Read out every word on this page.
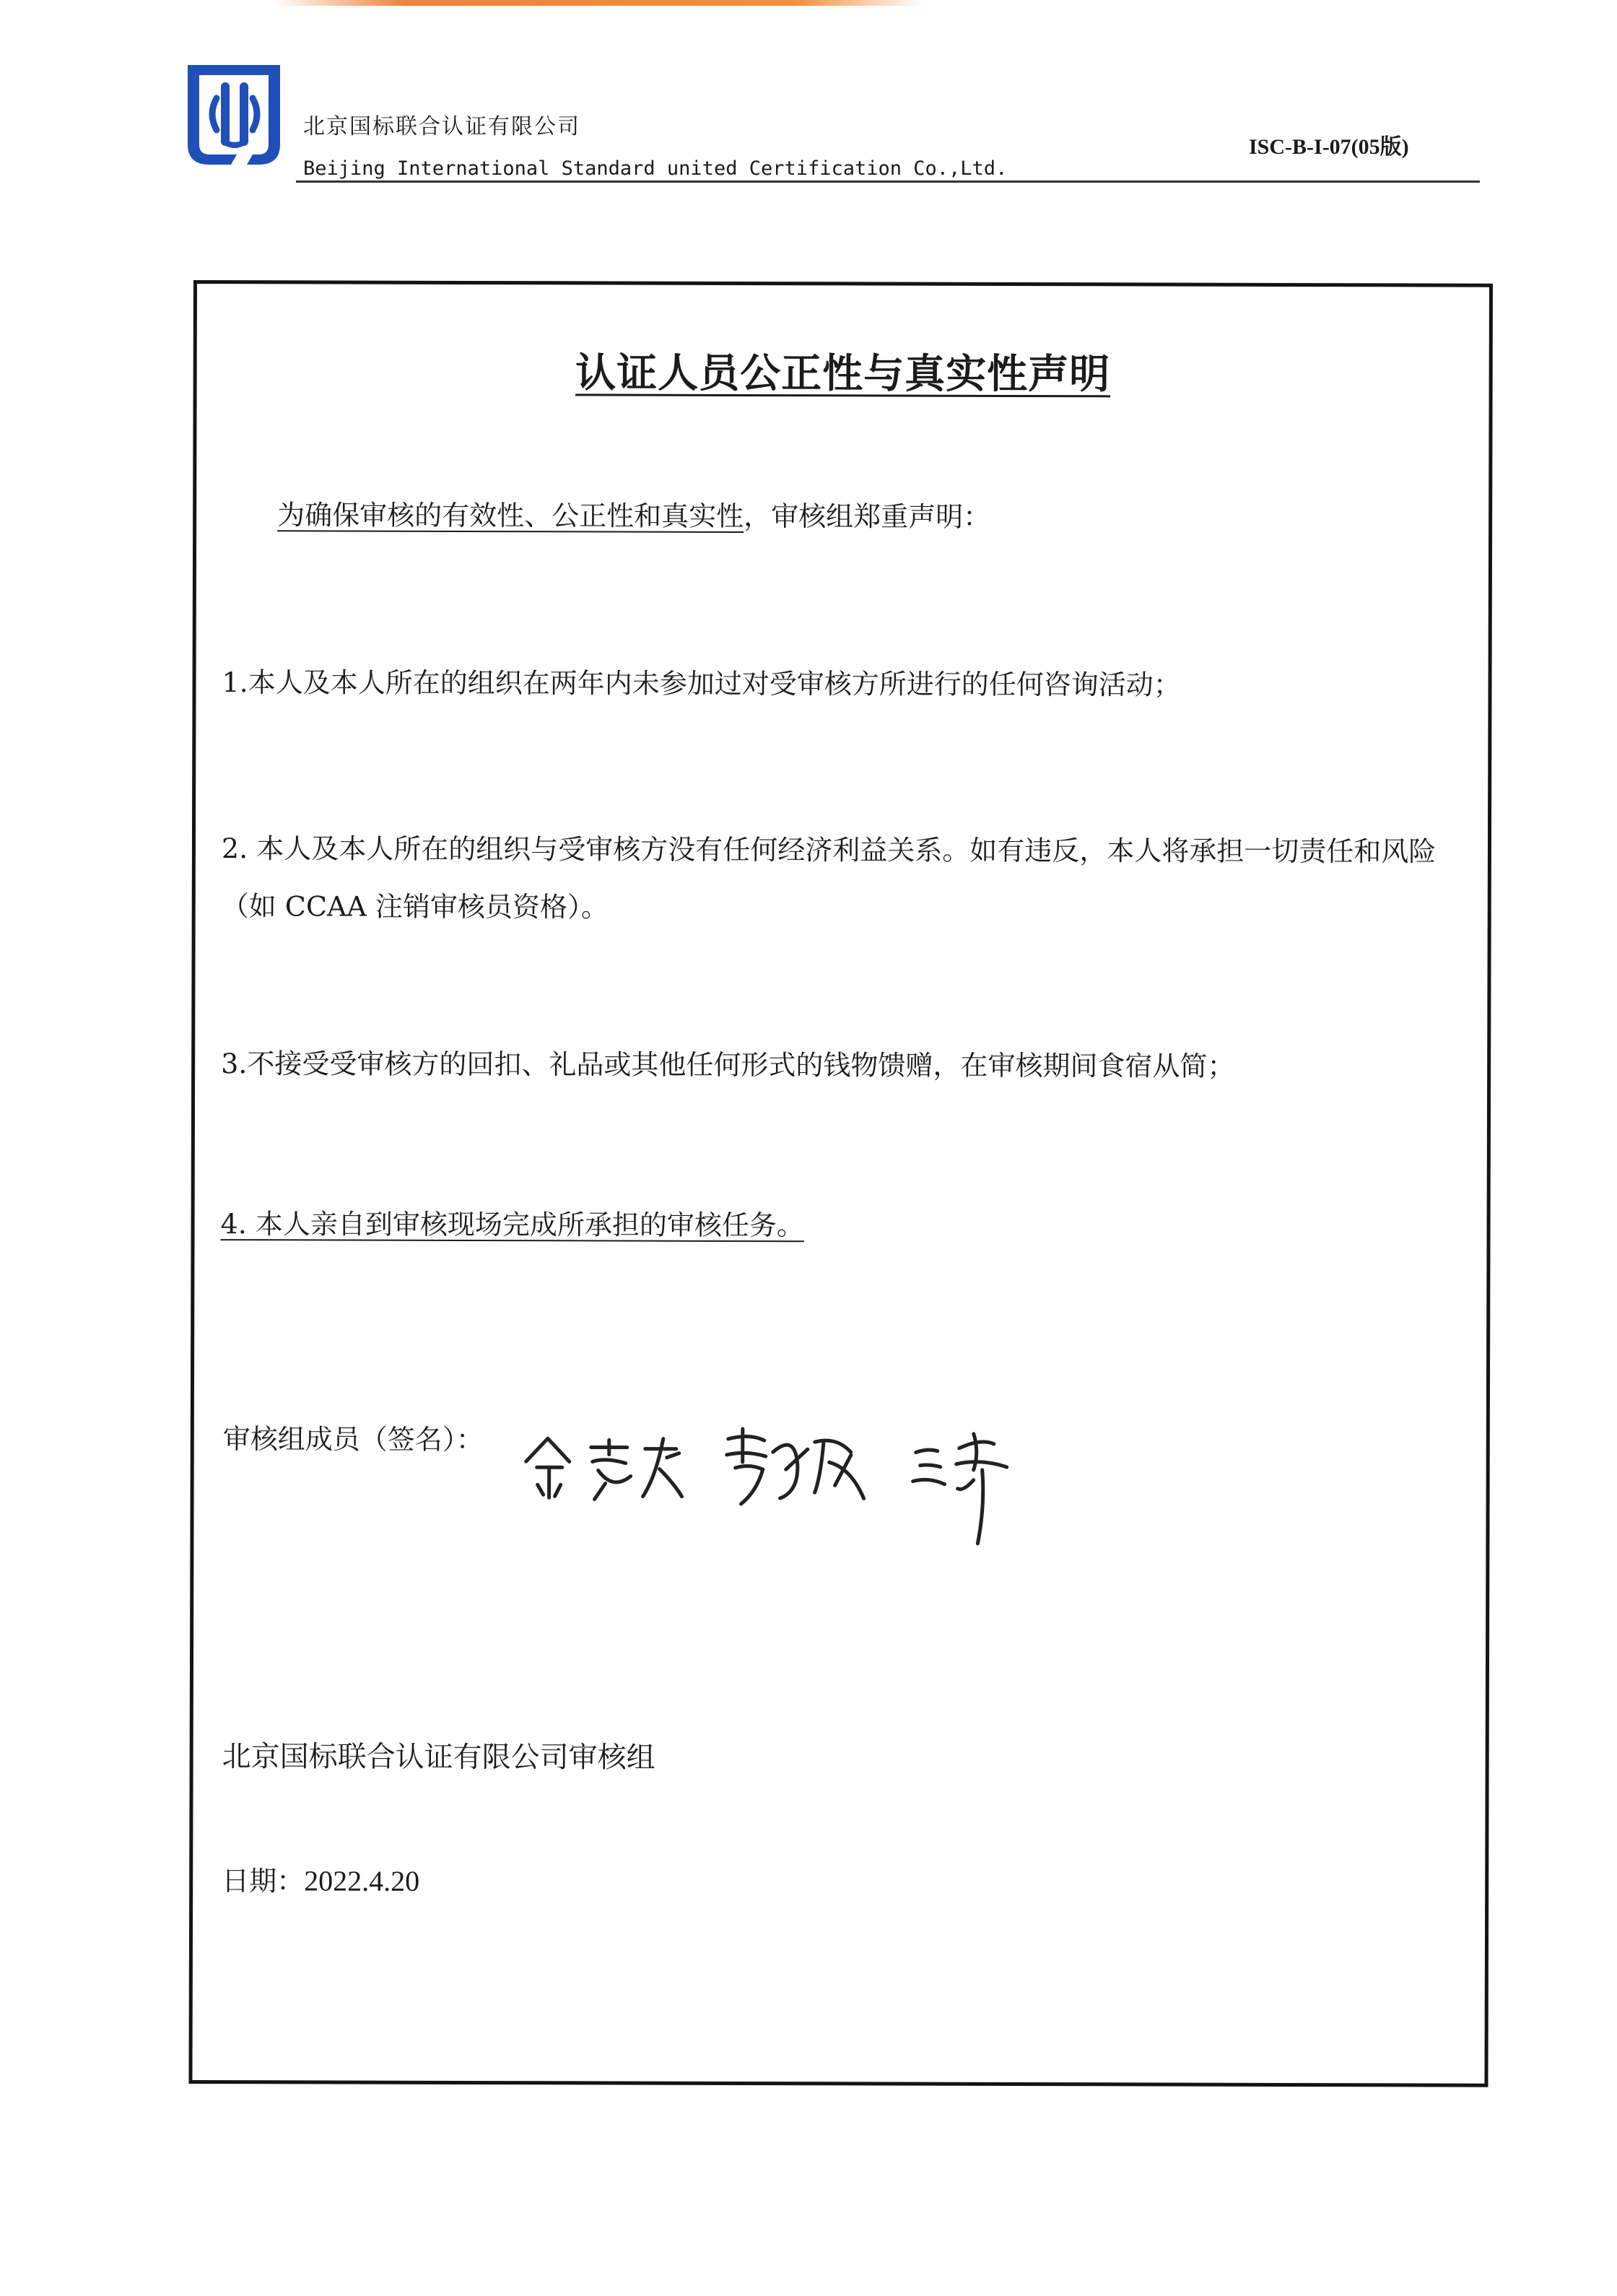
北京国标联合认证有限公司
Beijing International Standard united Certification Co.,Ltd.
ISC-B-I-07(05版)
认证人员公正性与真实性声明
为确保审核的有效性、公正性和真实性，审核组郑重声明：
1.本人及本人所在的组织在两年内未参加过对受审核方所进行的任何咨询活动；
2. 本人及本人所在的组织与受审核方没有任何经济利益关系。如有违反，本人将承担一切责任和风险（如 CCAA 注销审核员资格）。
3.不接受受审核方的回扣、礼品或其他任何形式的钱物馈赠，在审核期间食宿从简；
4. 本人亲自到审核现场完成所承担的审核任务。
审核组成员（签名）：
北京国标联合认证有限公司审核组
日期：2022.4.20
